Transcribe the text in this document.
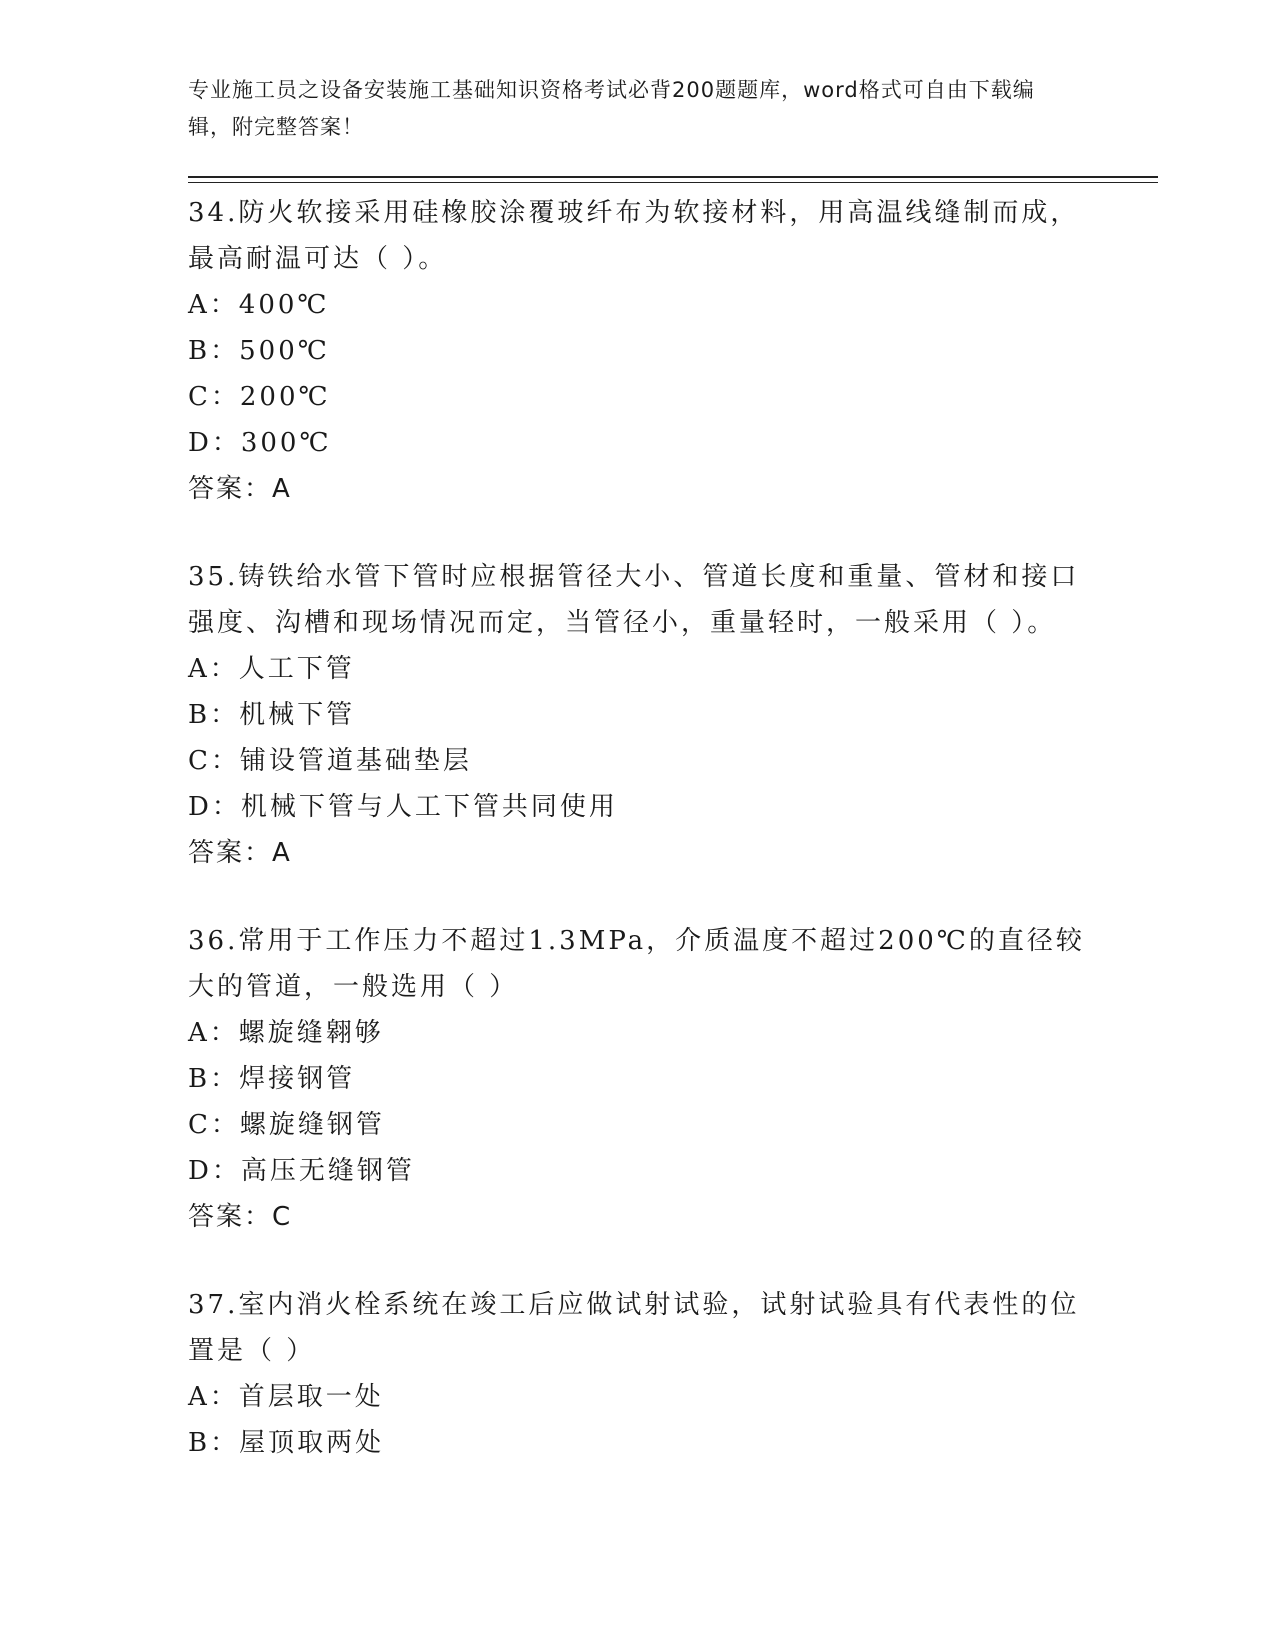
专业施工员之设备安装施工基础知识资格考试必背200题题库，word格式可自由下载编辑，附完整答案！

34.防火软接采用硅橡胶涂覆玻纤布为软接材料，用高温线缝制而成，最高耐温可达（ ）。

A：400℃
B：500℃
C：200℃
D：300℃
答案：A

35.铸铁给水管下管时应根据管径大小、管道长度和重量、管材和接口强度、沟槽和现场情况而定，当管径小，重量轻时，一般采用（ ）。

A：人工下管
B：机械下管
C：铺设管道基础垫层
D：机械下管与人工下管共同使用
答案：A

36.常用于工作压力不超过1.3MPa，介质温度不超过200℃的直径较大的管道，一般选用（ ）

A：螺旋缝翱够
B：焊接钢管
C：螺旋缝钢管
D：高压无缝钢管
答案：C

37.室内消火栓系统在竣工后应做试射试验，试射试验具有代表性的位置是（ ）

A：首层取一处
B：屋顶取两处
